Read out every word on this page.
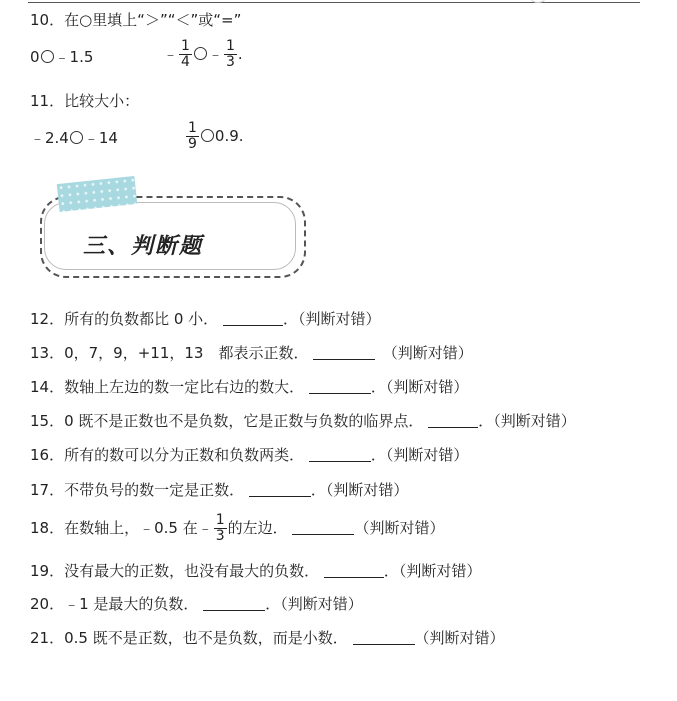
10．在○里填上“＞”“＜”或“=”
0 ﹣1.5	﹣ $\frac{1}{4}$ ﹣ $\frac{1}{3}$ .
11．比较大小：
﹣2.4 ﹣14	$\frac{1}{9} 0.9$.
三、判断题
12．所有的负数都比 0 小．	．（判断对错）
13．0，7，9，+11，13　都表示正数．	　（判断对错）
14．数轴上左边的数一定比右边的数大．	．（判断对错）
15．0 既不是正数也不是负数，它是正数与负数的临界点．	．（判断对错）
16．所有的数可以分为正数和负数两类．	．（判断对错）
17．不带负号的数一定是正数．	．（判断对错）
18．在数轴上，﹣0.5 在﹣ $\frac{1}{3}$ 的左边．	（判断对错）
19．没有最大的正数，也没有最大的负数．	．（判断对错）
20．﹣1 是最大的负数．	．（判断对错）
21．0.5 既不是正数，也不是负数，而是小数．	（判断对错）
